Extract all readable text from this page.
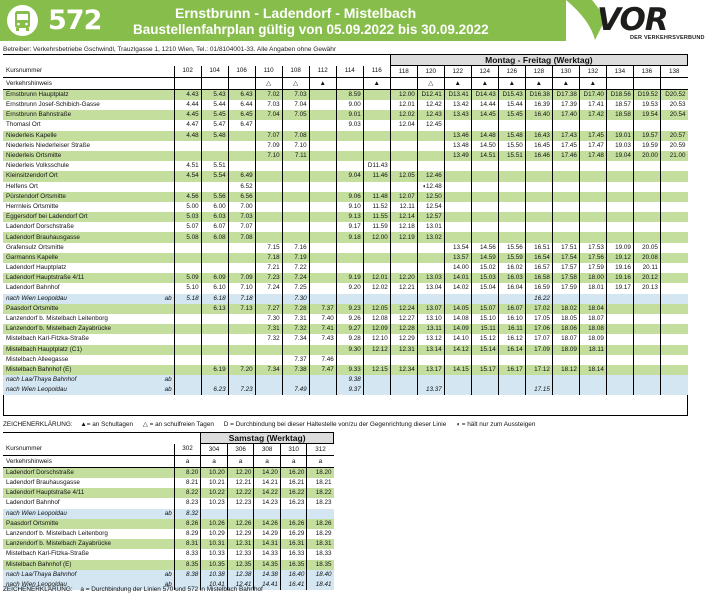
572	Ernstbrunn - Ladendorf - Mistelbach
Baustellenfahrplan gültig von 05.09.2022 bis 30.09.2022	VOR
DER VERKEHRSVERBUND
Betreiber: Verkehrsbetriebe Gschwindl, Trauzlgasse 1, 1210 Wien, Tel.: 01/8104001-33. Alle Angaben ohne Gewähr
										Montag - Freitag (Werktag)										
Kursnummer		102	104	106	110	108	112	114	116	118	120	122	124	126	128	130	132	134	136	138
Verkehrshinweis					△	△	▲		▲		△	▲	▲	▲	▲	▲	▲			
Ernstbrunn Hauptplatz		4.43	5.43	6.43	7.02	7.03		8.59		12.00	D12.41	D13.41	D14.43	D15.43	D16.38	D17.38	D17.40	D18.56	D19.52	D20.52
Ernstbrunn Josef-Schibich-Gasse		4.44	5.44	6.44	7.03	7.04		9.00		12.01	12.42	13.42	14.44	15.44	16.39	17.39	17.41	18.57	19.53	20.53
Ernstbrunn Bahnstraße		4.45	5.45	6.45	7.04	7.05		9.01		12.02	12.43	13.43	14.45	15.45	16.40	17.40	17.42	18.58	19.54	20.54
Thomasl Ort		4.47	5.47	6.47				9.03		12.04	12.45									
Niederleis Kapelle		4.48	5.48		7.07	7.08						13.46	14.48	15.48	16.43	17.43	17.45	19.01	19.57	20.57
Niederleis Niederleiser Straße					7.09	7.10						13.48	14.50	15.50	16.45	17.45	17.47	19.03	19.59	20.59
Niederleis Ortsmitte					7.10	7.11						13.49	14.51	15.51	16.46	17.46	17.48	19.04	20.00	21.00
Niederleis Volksschule		4.51	5.51						D11.43											
Kleinsitzendorf Ort		4.54	5.54	6.49				9.04	11.46	12.05	12.46									
Helfens Ort				6.52							◖12.48									
Pürstendorf Ortsmitte		4.56	5.56	6.56				9.06	11.48	12.07	12.50									
Herrnleis Ortsmitte		5.00	6.00	7.00				9.10	11.52	12.11	12.54									
Eggersdorf bei Ladendorf Ort		5.03	6.03	7.03				9.13	11.55	12.14	12.57									
Ladendorf Dorschstraße		5.07	6.07	7.07				9.17	11.59	12.18	13.01									
Ladendorf Brauhausgasse		5.08	6.08	7.08				9.18	12.00	12.19	13.02									
Grafensulz Ortsmitte					7.15	7.16						13.54	14.56	15.56	16.51	17.51	17.53	19.09	20.05	
Garmanns Kapelle					7.18	7.19						13.57	14.59	15.59	16.54	17.54	17.56	19.12	20.08	
Ladendorf Hauptplatz					7.21	7.22						14.00	15.02	16.02	16.57	17.57	17.59	19.16	20.11	
Ladendorf Hauptstraße 4/11		5.09	6.09	7.09	7.23	7.24		9.19	12.01	12.20	13.03	14.01	15.03	16.03	16.58	17.58	18.00	19.16	20.12	
Ladendorf Bahnhof		5.10	6.10	7.10	7.24	7.25		9.20	12.02	12.21	13.04	14.02	15.04	16.04	16.59	17.59	18.01	19.17	20.13	
nach Wien Leopoldau	ab	5.18	6.18	7.18		7.30									16.22					
Paasdorf Ortsmitte			6.13	7.13	7.27	7.28	7.37	9.23	12.05	12.24	13.07	14.05	15.07	16.07	17.02	18.02	18.04			
Lanzendorf b. Mistelbach Leitenborg					7.30	7.31	7.40	9.26	12.08	12.27	13.10	14.08	15.10	16.10	17.05	18.05	18.07			
Lanzendorf b. Mistelbach Zayabrücke					7.31	7.32	7.41	9.27	12.09	12.28	13.11	14.09	15.11	16.11	17.06	18.06	18.08			
Mistelbach Karl-Fitzka-Straße					7.32	7.34	7.43	9.28	12.10	12.29	13.12	14.10	15.12	16.12	17.07	18.07	18.09			
Mistelbach Hauptplatz (C1)								9.30	12.12	12.31	13.14	14.12	15.14	16.14	17.09	18.09	18.11			
Mistelbach Alleegasse						7.37	7.46													
Mistelbach Bahnhof (E)			6.19	7.20	7.34	7.38	7.47	9.33	12.15	12.34	13.17	14.15	15.17	16.17	17.12	18.12	18.14			
nach Laa/Thaya Bahnhof	ab							9.38												
nach Wien Leopoldau	ab		6.23	7.23		7.49		9.37			13.37				17.15					
ZEICHENERKLÄRUNG: ▲= an Schultagen △ = an schulfreien Tagen D = Durchbindung bei dieser Haltestelle von/zu der Gegenrichtung dieser Linie ◖ = hält nur zum Aussteigen
			Samstag (Werktag)				
Kursnummer		302	304	306	308	310	312
Verkehrshinweis		a	a	a	a	a	a
Ladendorf Dorschstraße		8.20	10.20	12.20	14.20	16.20	18.20
Ladendorf Brauhausgasse		8.21	10.21	12.21	14.21	16.21	18.21
Ladendorf Hauptstraße 4/11		8.22	10.22	12.22	14.22	16.22	18.22
Ladendorf Bahnhof		8.23	10.23	12.23	14.23	16.23	18.23
nach Wien Leopoldau	ab	8.32					
Paasdorf Ortsmitte		8.26	10.26	12.26	14.26	16.26	18.26
Lanzendorf b. Mistelbach Leitenborg		8.29	10.29	12.29	14.29	16.29	18.29
Lanzendorf b. Mistelbach Zayabrücke		8.31	10.31	12.31	14.31	16.31	18.31
Mistelbach Karl-Fitzka-Straße		8.33	10.33	12.33	14.33	16.33	18.33
Mistelbach Bahnhof (E)		8.35	10.35	12.35	14.35	16.35	18.35
nach Laa/Thaya Bahnhof	ab	8.38	10.38	12.38	14.38	16.40	18.40
nach Wien Leopoldau	ab		10.41	12.41	14.41	16.41	18.41
ZEICHENERKLÄRUNG: a = Durchbindung der Linien 570 und 572 in Mistelbach Bahnhof
